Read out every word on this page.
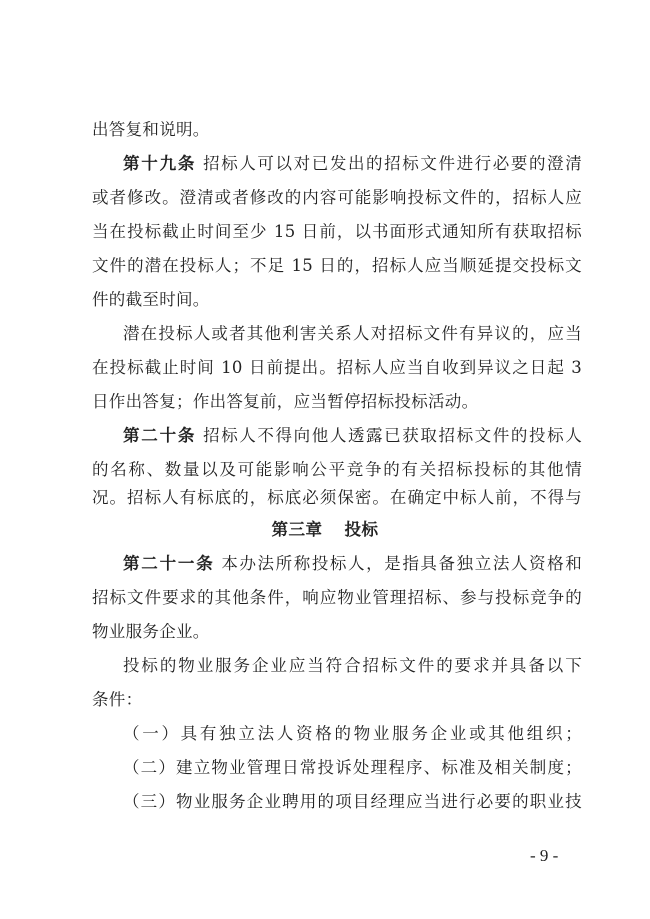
出答复和说明。
第十九条 招标人可以对已发出的招标文件进行必要的澄清
或者修改。澄清或者修改的内容可能影响投标文件的，招标人应
当在投标截止时间至少 15 日前，以书面形式通知所有获取招标
文件的潜在投标人；不足 15 日的，招标人应当顺延提交投标文
件的截至时间。
潜在投标人或者其他利害关系人对招标文件有异议的，应当
在投标截止时间 10 日前提出。招标人应当自收到异议之日起 3
日作出答复；作出答复前，应当暂停招标投标活动。
第二十条 招标人不得向他人透露已获取招标文件的投标人
的名称、数量以及可能影响公平竞争的有关招标投标的其他情
况。招标人有标底的，标底必须保密。在确定中标人前，不得与
第三章 投标
第二十一条 本办法所称投标人，是指具备独立法人资格和
招标文件要求的其他条件，响应物业管理招标、参与投标竞争的
物业服务企业。
投标的物业服务企业应当符合招标文件的要求并具备以下
条件：
（一）具有独立法人资格的物业服务企业或其他组织；
（二）建立物业管理日常投诉处理程序、标准及相关制度；
（三）物业服务企业聘用的项目经理应当进行必要的职业技
- 9 -
